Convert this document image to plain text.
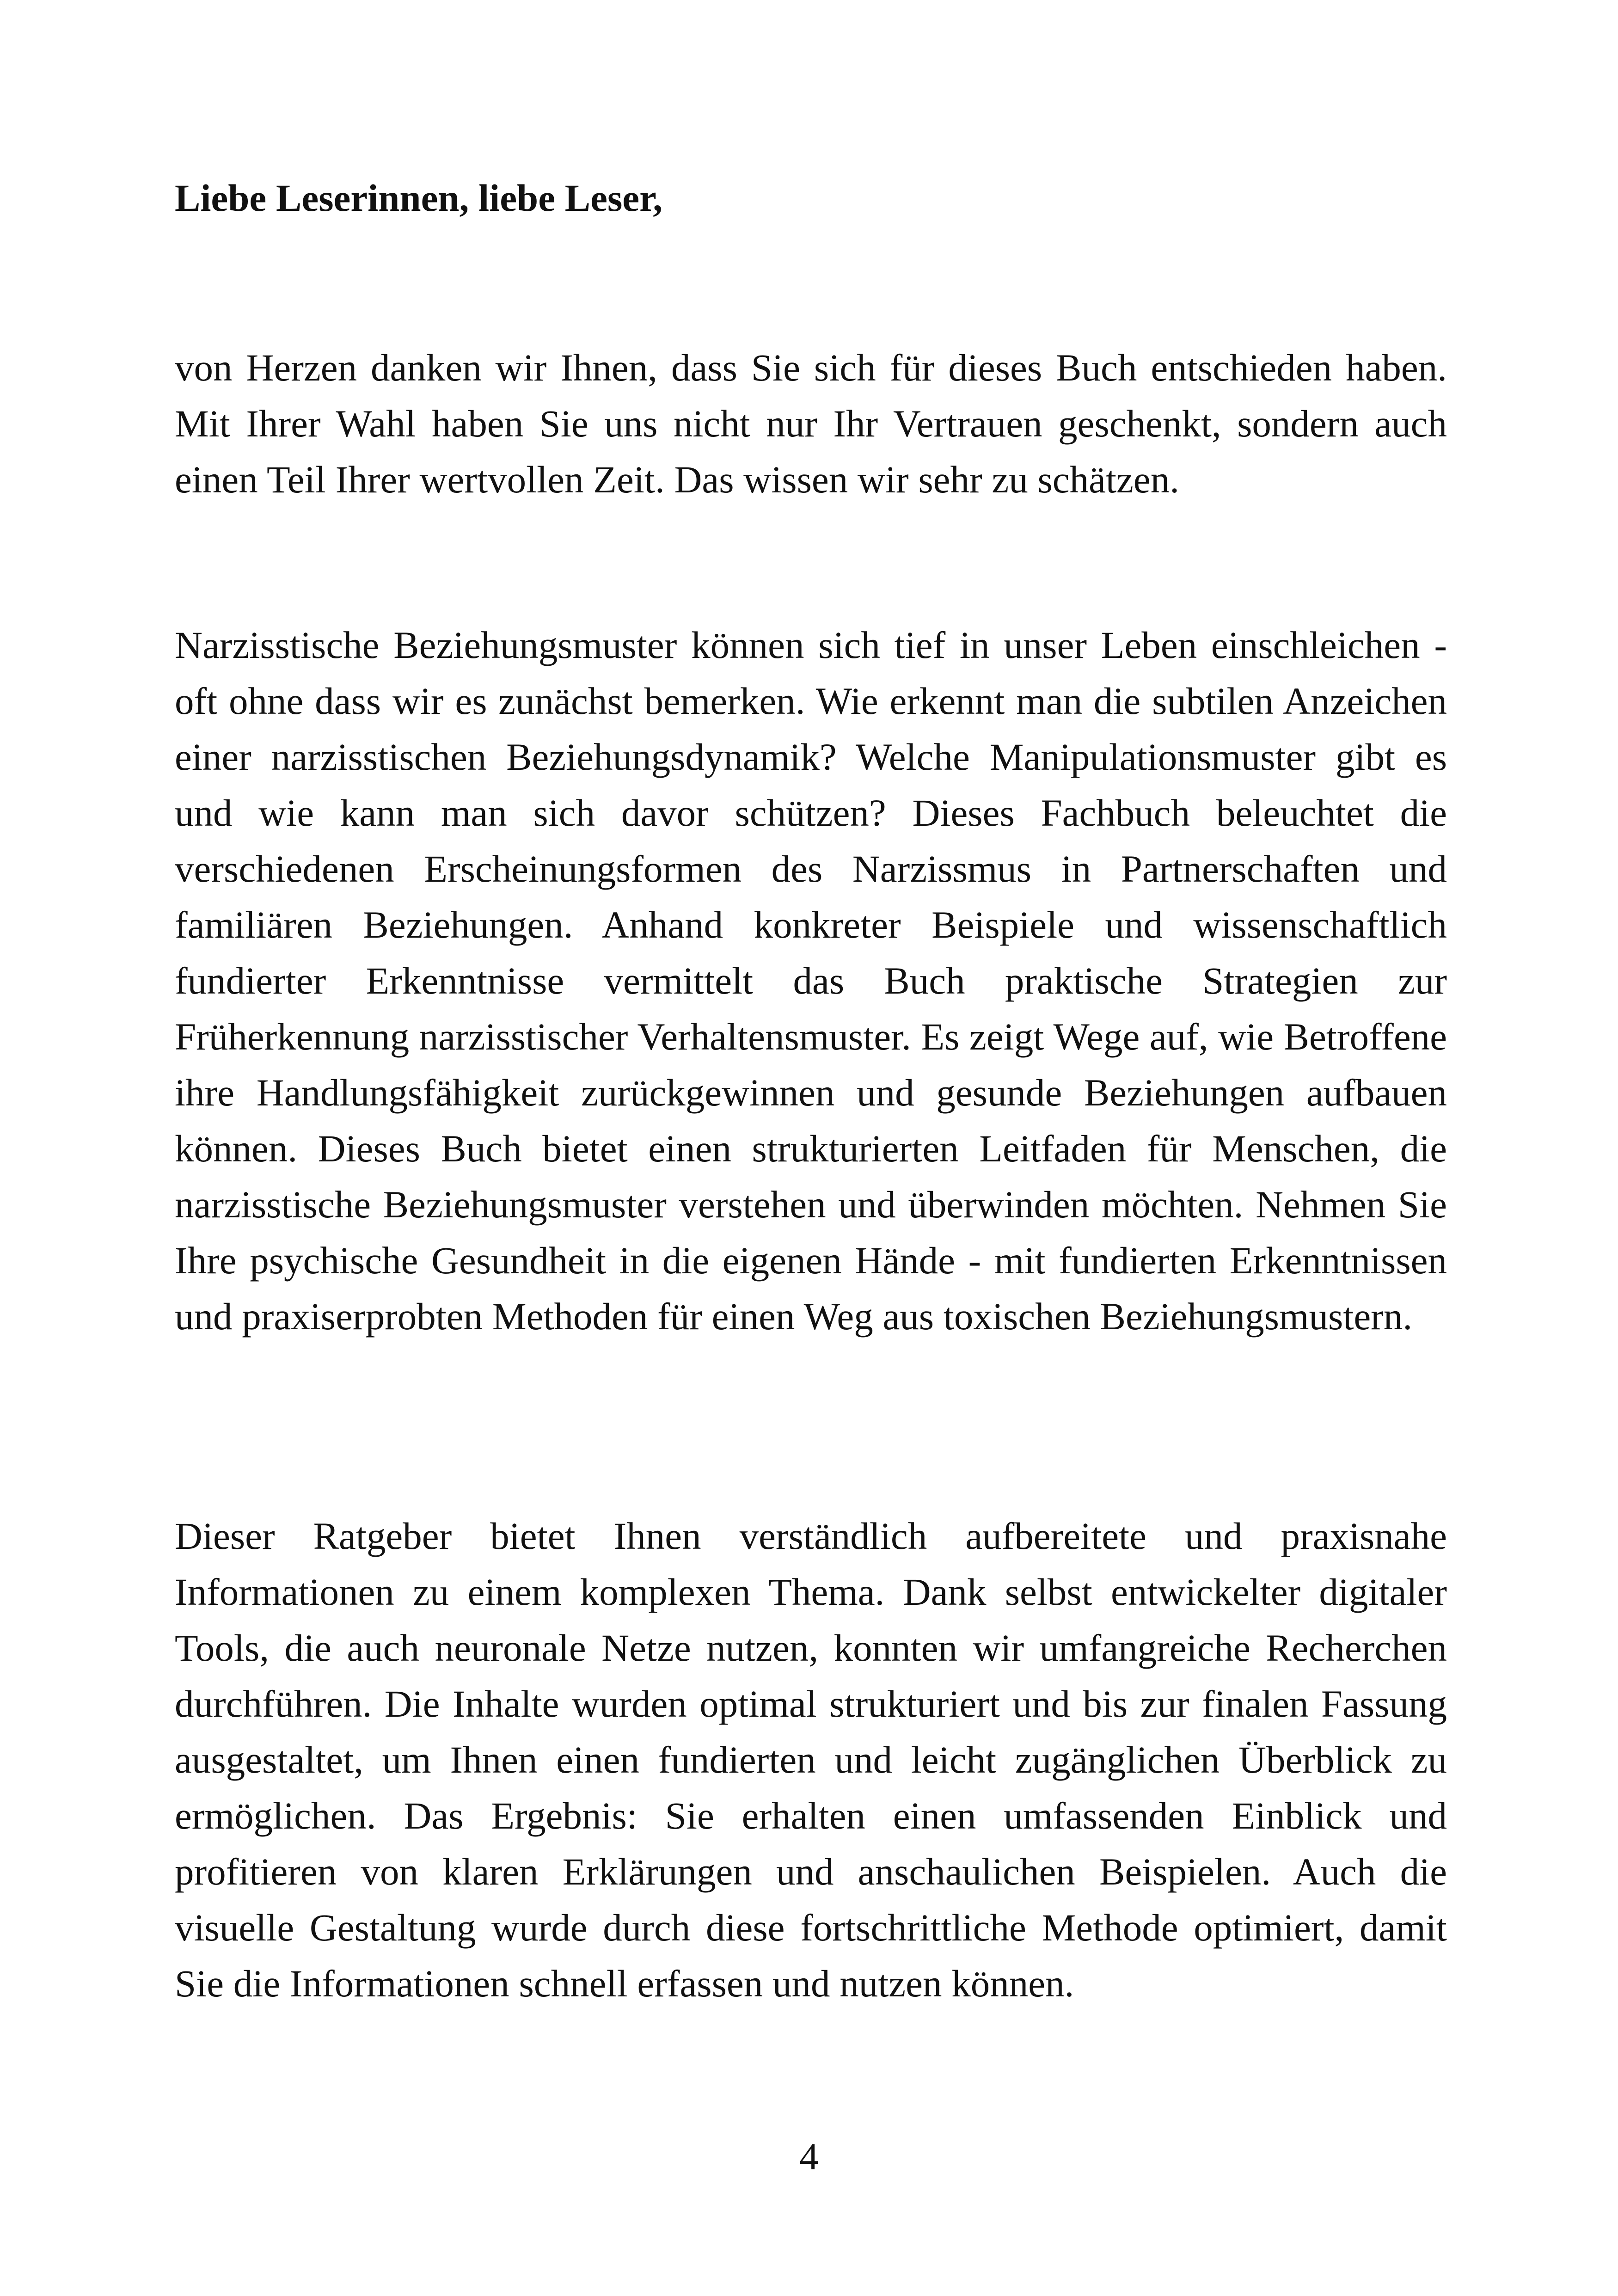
Liebe Leserinnen, liebe Leser,

von Herzen danken wir Ihnen, dass Sie sich für dieses Buch entschieden haben. Mit Ihrer Wahl haben Sie uns nicht nur Ihr Vertrauen geschenkt, sondern auch einen Teil Ihrer wertvollen Zeit. Das wissen wir sehr zu schätzen.

Narzisstische Beziehungsmuster können sich tief in unser Leben einschleichen - oft ohne dass wir es zunächst bemerken. Wie erkennt man die subtilen Anzeichen einer narzisstischen Beziehungsdynamik? Welche Manipulationsmuster gibt es und wie kann man sich davor schützen? Dieses Fachbuch beleuchtet die verschiedenen Erscheinungsformen des Narzissmus in Partnerschaften und familiären Beziehungen. Anhand konkreter Beispiele und wissenschaftlich fundierter Erkenntnisse vermittelt das Buch praktische Strategien zur Früherkennung narzisstischer Verhaltensmuster. Es zeigt Wege auf, wie Betroffene ihre Handlungsfähigkeit zurückgewinnen und gesunde Beziehungen aufbauen können. Dieses Buch bietet einen strukturierten Leitfaden für Menschen, die narzisstische Beziehungsmuster verstehen und überwinden möchten. Nehmen Sie Ihre psychische Gesundheit in die eigenen Hände - mit fundierten Erkenntnissen und praxiserprobten Methoden für einen Weg aus toxischen Beziehungsmustern.

Dieser Ratgeber bietet Ihnen verständlich aufbereitete und praxisnahe Informationen zu einem komplexen Thema. Dank selbst entwickelter digitaler Tools, die auch neuronale Netze nutzen, konnten wir umfangreiche Recherchen durchführen. Die Inhalte wurden optimal strukturiert und bis zur finalen Fassung ausgestaltet, um Ihnen einen fundierten und leicht zugänglichen Überblick zu ermöglichen. Das Ergebnis: Sie erhalten einen umfassenden Einblick und profitieren von klaren Erklärungen und anschaulichen Beispielen. Auch die visuelle Gestaltung wurde durch diese fortschrittliche Methode optimiert, damit Sie die Informationen schnell erfassen und nutzen können.

4
